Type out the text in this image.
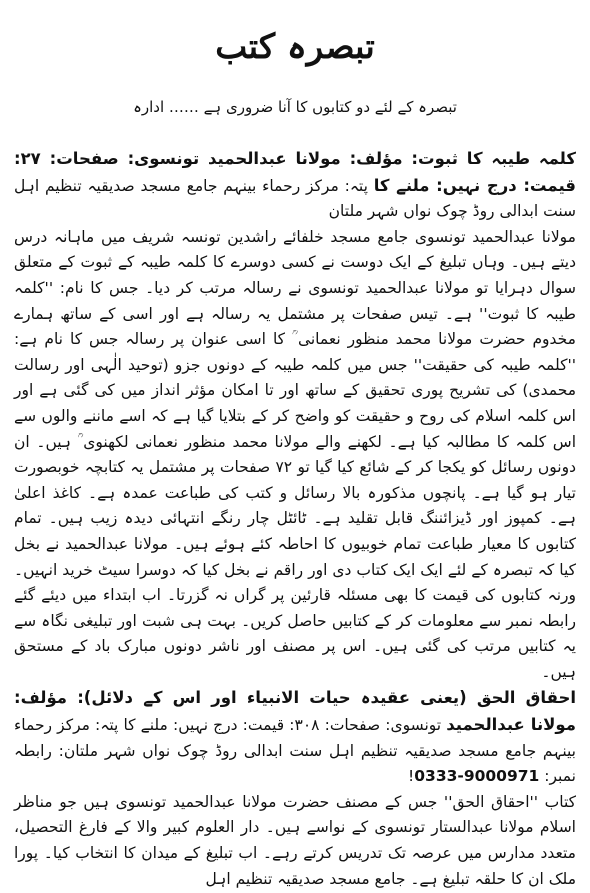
تبصرہ کتب
تبصرہ کے لئے دو کتابوں کا آنا ضروری ہے …… ادارہ

کلمہ طیبہ کا ثبوت: مؤلف: مولانا عبدالحمید تونسوی: صفحات: ۲۷: قیمت: درج نہیں: ملنے کا پتہ: مرکز رحماء بینہم جامع مسجد صدیقیہ تنظیم اہل سنت ابدالی روڈ چوک نواں شہر ملتان

مولانا عبدالحمید تونسوی جامع مسجد خلفائے راشدین تونسہ شریف میں ماہانہ درس دیتے ہیں۔ وہاں تبلیغ کے ایک دوست نے کسی دوسرے کا کلمہ طیبہ کے ثبوت کے متعلق سوال دہرایا تو مولانا عبدالحمید تونسوی نے رسالہ مرتب کر دیا۔ جس کا نام: ''کلمہ طیبہ کا ثبوت'' ہے۔ تیس صفحات پر مشتمل یہ رسالہ ہے اور اسی کے ساتھ ہمارے مخدوم حضرت مولانا محمد منظور نعمانی ؒ کا اسی عنوان پر رسالہ جس کا نام ہے: ''کلمہ طیبہ کی حقیقت'' جس میں کلمہ طیبہ کے دونوں جزو (توحید الٰہی اور رسالت محمدی) کی تشریح پوری تحقیق کے ساتھ اور تا امکان مؤثر انداز میں کی گئی ہے اور اس کلمہ اسلام کی روح و حقیقت کو واضح کر کے بتلایا گیا ہے کہ اسے ماننے والوں سے اس کلمہ کا مطالبہ کیا ہے۔ لکھنے والے مولانا محمد منظور نعمانی لکھنوی ؒ ہیں۔ ان دونوں رسائل کو یکجا کر کے شائع کیا گیا تو ۷۲ صفحات پر مشتمل یہ کتابچہ خوبصورت تیار ہو گیا ہے۔ پانچوں مذکورہ بالا رسائل و کتب کی طباعت عمدہ ہے۔ کاغذ اعلیٰ ہے۔ کمپوز اور ڈیزائننگ قابل تقلید ہے۔ ٹائٹل چار رنگے انتہائی دیدہ زیب ہیں۔ تمام کتابوں کا معیار طباعت تمام خوبیوں کا احاطہ کئے ہوئے ہیں۔ مولانا عبدالحمید نے بخل کیا کہ تبصرہ کے لئے ایک ایک کتاب دی اور راقم نے بخل کیا کہ دوسرا سیٹ خرید انہیں۔ ورنہ کتابوں کی قیمت کا بھی مسئلہ قارئین پر گراں نہ گزرتا۔ اب ابتداء میں دیئے گئے رابطہ نمبر سے معلومات کر کے کتابیں حاصل کریں۔ بہت ہی شبت اور تبلیغی نگاہ سے یہ کتابیں مرتب کی گئی ہیں۔ اس پر مصنف اور ناشر دونوں مبارک باد کے مستحق ہیں۔

احقاق الحق (یعنی عقیدہ حیات الانبیاء اور اس کے دلائل): مؤلف: مولانا عبدالحمید تونسوی: صفحات: ۳۰۸: قیمت: درج نہیں: ملنے کا پتہ: مرکز رحماء بینہم جامع مسجد صدیقیہ تنظیم اہل سنت ابدالی روڈ چوک نواں شہر ملتان: رابطہ نمبر: 0333-9000971!

کتاب ''احقاق الحق'' جس کے مصنف حضرت مولانا عبدالحمید تونسوی ہیں جو مناظر اسلام مولانا عبدالستار تونسوی کے نواسے ہیں۔ دار العلوم کبیر والا کے فارغ التحصیل، متعدد مدارس میں عرصہ تک تدریس کرتے رہے۔ اب تبلیغ کے میدان کا انتخاب کیا۔ پورا ملک ان کا حلقہ تبلیغ ہے۔ جامع مسجد صدیقیہ تنظیم اہل
